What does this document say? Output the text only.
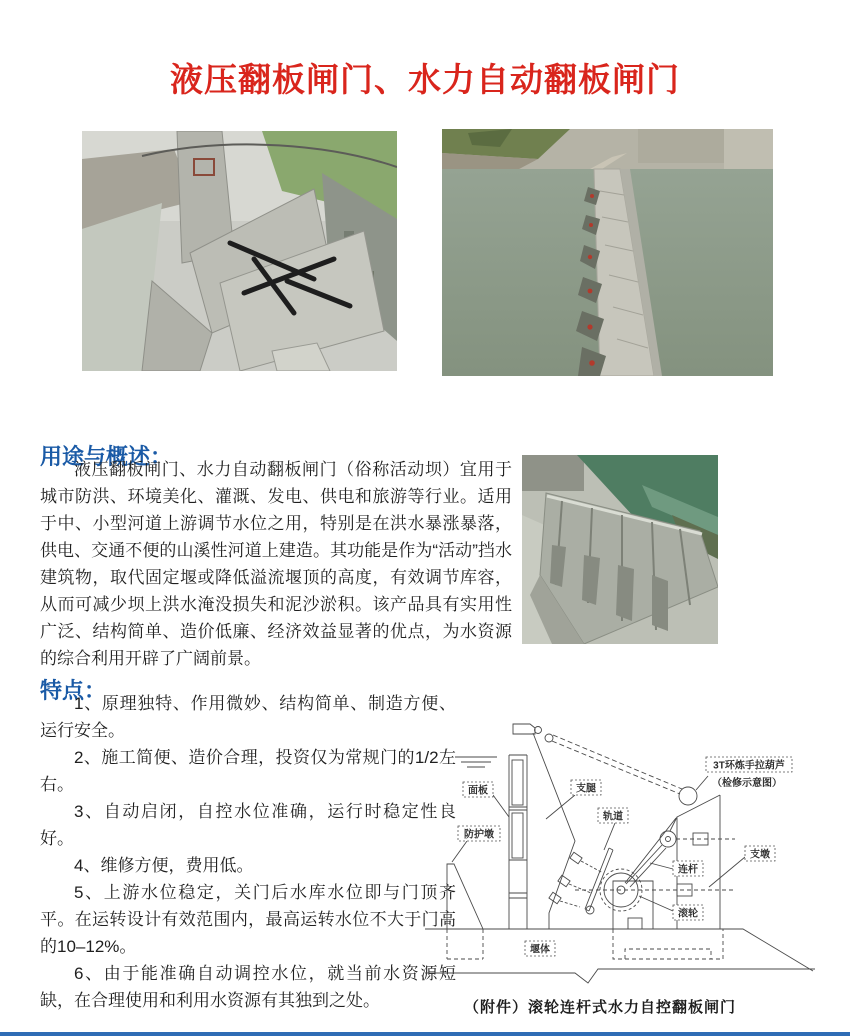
液压翻板闸门、水力自动翻板闸门
用途与概述：
液压翻板闸门、水力自动翻板闸门（俗称活动坝）宜用于城市防洪、环境美化、灌溉、发电、供电和旅游等行业。适用于中、小型河道上游调节水位之用，特别是在洪水暴涨暴落，供电、交通不便的山溪性河道上建造。其功能是作为“活动”挡水建筑物，取代固定堰或降低溢流堰顶的高度，有效调节库容，从而可减少坝上洪水淹没损失和泥沙淤积。该产品具有实用性广泛、结构简单、造价低廉、经济效益显著的优点，为水资源的综合利用开辟了广阔前景。
特点：

1、原理独特、作用微妙、结构简单、制造方便、运行安全。

2、施工简便、造价合理，投资仅为常规门的1/2左右。

3、自动启闭，自控水位准确，运行时稳定性良好。

4、维修方便，费用低。

5、上游水位稳定，关门后水库水位即与门顶齐平。在运转设计有效范围内，最高运转水位不大于门高的10–12%。

6、由于能准确自动调控水位，就当前水资源短缺，在合理使用和利用水资源有其独到之处。

面板
防护墩
支腿
轨道
3T环炼手拉葫芦
（检修示意图）
支墩
连杆
滚轮
堰体
（附件）滚轮连杆式水力自控翻板闸门
